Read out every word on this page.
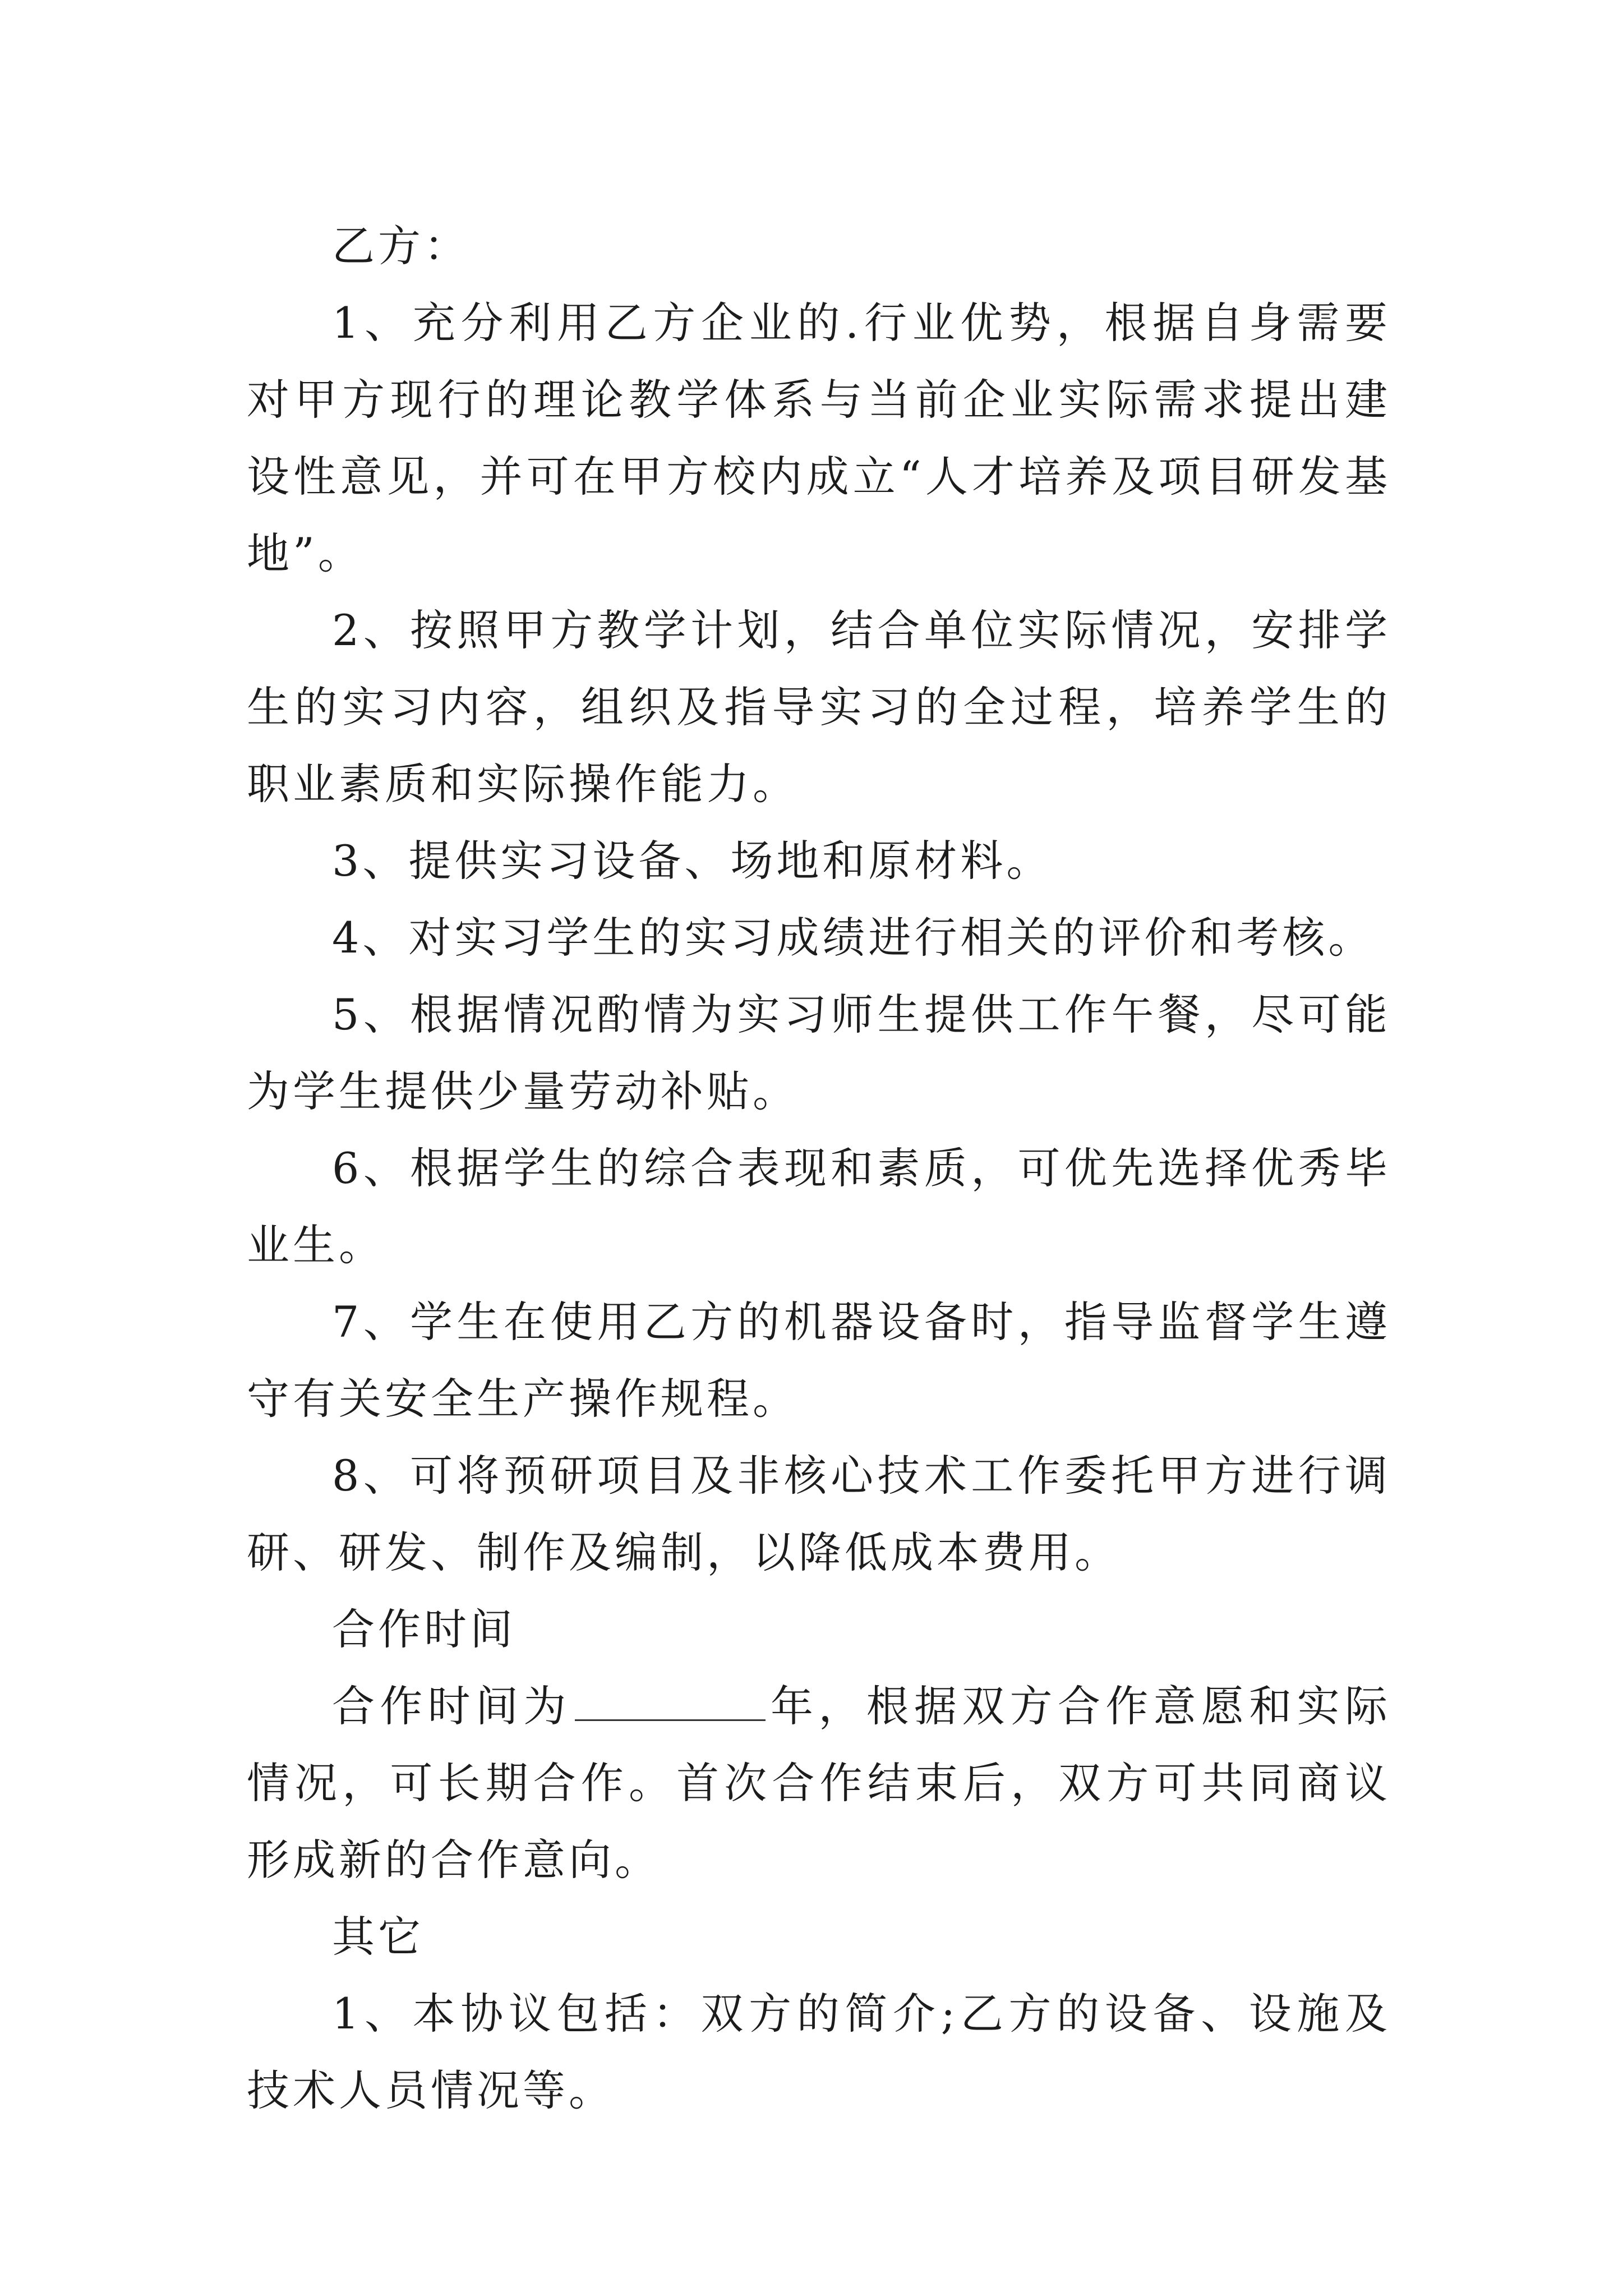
乙方：

1、充分利用乙方企业的.行业优势，根据自身需要对甲方现行的理论教学体系与当前企业实际需求提出建设性意见，并可在甲方校内成立“人才培养及项目研发基地”。

2、按照甲方教学计划，结合单位实际情况，安排学生的实习内容，组织及指导实习的全过程，培养学生的职业素质和实际操作能力。

3、提供实习设备、场地和原材料。

4、对实习学生的实习成绩进行相关的评价和考核。

5、根据情况酌情为实习师生提供工作午餐，尽可能为学生提供少量劳动补贴。

6、根据学生的综合表现和素质，可优先选择优秀毕业生。

7、学生在使用乙方的机器设备时，指导监督学生遵守有关安全生产操作规程。

8、可将预研项目及非核心技术工作委托甲方进行调研、研发、制作及编制，以降低成本费用。

合作时间

合作时间为	年，根据双方合作意愿和实际情况，可长期合作。首次合作结束后，双方可共同商议形成新的合作意向。

其它

1、本协议包括：双方的简介;乙方的设备、设施及技术人员情况等。
